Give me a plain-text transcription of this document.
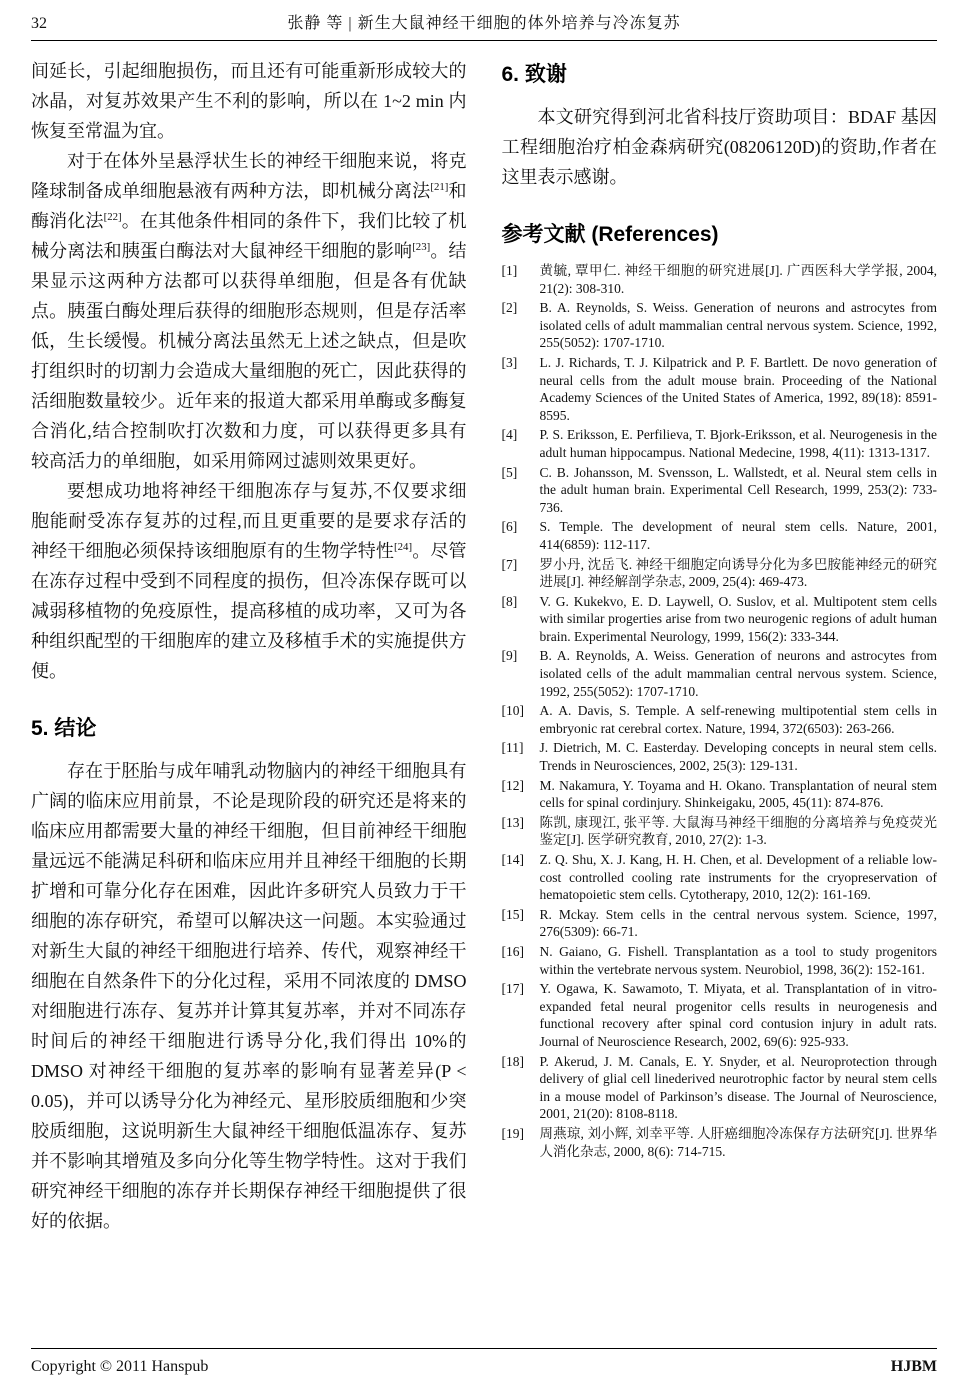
32	张静 等 | 新生大鼠神经干细胞的体外培养与冷冻复苏

间延长，引起细胞损伤，而且还有可能重新形成较大的冰晶，对复苏效果产生不利的影响，所以在 1~2 min 内恢复至常温为宜。

对于在体外呈悬浮状生长的神经干细胞来说，将克隆球制备成单细胞悬液有两种方法，即机械分离法[21]和酶消化法[22]。在其他条件相同的条件下，我们比较了机械分离法和胰蛋白酶法对大鼠神经干细胞的影响[23]。结果显示这两种方法都可以获得单细胞，但是各有优缺点。胰蛋白酶处理后获得的细胞形态规则，但是存活率低，生长缓慢。机械分离法虽然无上述之缺点，但是吹打组织时的切割力会造成大量细胞的死亡，因此获得的活细胞数量较少。近年来的报道大都采用单酶或多酶复合消化,结合控制吹打次数和力度，可以获得更多具有较高活力的单细胞，如采用筛网过滤则效果更好。

要想成功地将神经干细胞冻存与复苏,不仅要求细胞能耐受冻存复苏的过程,而且更重要的是要求存活的神经干细胞必须保持该细胞原有的生物学特性[24]。尽管在冻存过程中受到不同程度的损伤，但冷冻保存既可以减弱移植物的免疫原性，提高移植的成功率，又可为各种组织配型的干细胞库的建立及移植手术的实施提供方便。

5. 结论

存在于胚胎与成年哺乳动物脑内的神经干细胞具有广阔的临床应用前景，不论是现阶段的研究还是将来的临床应用都需要大量的神经干细胞，但目前神经干细胞量远远不能满足科研和临床应用并且神经干细胞的长期扩增和可靠分化存在困难，因此许多研究人员致力于干细胞的冻存研究，希望可以解决这一问题。本实验通过对新生大鼠的神经干细胞进行培养、传代，观察神经干细胞在自然条件下的分化过程，采用不同浓度的 DMSO 对细胞进行冻存、复苏并计算其复苏率，并对不同冻存时间后的神经干细胞进行诱导分化,我们得出 10%的 DMSO 对神经干细胞的复苏率的影响有显著差异(P < 0.05)，并可以诱导分化为神经元、星形胶质细胞和少突胶质细胞，这说明新生大鼠神经干细胞低温冻存、复苏并不影响其增殖及多向分化等生物学特性。这对于我们研究神经干细胞的冻存并长期保存神经干细胞提供了很好的依据。

6. 致谢

本文研究得到河北省科技厅资助项目：BDAF 基因工程细胞治疗柏金森病研究(08206120D)的资助,作者在这里表示感谢。

参考文献 (References)
[1]	黄毓, 覃甲仁. 神经干细胞的研究进展[J]. 广西医科大学学报, 2004, 21(2): 308-310.
[2]	B. A. Reynolds, S. Weiss. Generation of neurons and astrocytes from isolated cells of adult mammalian central nervous system. Science, 1992, 255(5052): 1707-1710.
[3]	L. J. Richards, T. J. Kilpatrick and P. F. Bartlett. De novo generation of neural cells from the adult mouse brain. Proceeding of the National Academy Sciences of the United States of America, 1992, 89(18): 8591-8595.
[4]	P. S. Eriksson, E. Perfilieva, T. Bjork-Eriksson, et al. Neurogenesis in the adult human hippocampus. National Medecine, 1998, 4(11): 1313-1317.
[5]	C. B. Johansson, M. Svensson, L. Wallstedt, et al. Neural stem cells in the adult human brain. Experimental Cell Research, 1999, 253(2): 733-736.
[6]	S. Temple. The development of neural stem cells. Nature, 2001, 414(6859): 112-117.
[7]	罗小丹, 沈岳飞. 神经干细胞定向诱导分化为多巴胺能神经元的研究进展[J]. 神经解剖学杂志, 2009, 25(4): 469-473.
[8]	V. G. Kukekvo, E. D. Laywell, O. Suslov, et al. Multipotent stem cells with similar progerties arise from two neurogenic regions of adult human brain. Experimental Neurology, 1999, 156(2): 333-344.
[9]	B. A. Reynolds, A. Weiss. Generation of neurons and astrocytes from isolated cells of the adult mammalian central nervous system. Science, 1992, 255(5052): 1707-1710.
[10]	A. A. Davis, S. Temple. A self-renewing multipotential stem cells in embryonic rat cerebral cortex. Nature, 1994, 372(6503): 263-266.
[11]	J. Dietrich, M. C. Easterday. Developing concepts in neural stem cells. Trends in Neurosciences, 2002, 25(3): 129-131.
[12]	M. Nakamura, Y. Toyama and H. Okano. Transplantation of neural stem cells for spinal cordinjury. Shinkeigaku, 2005, 45(11): 874-876.
[13]	陈凯, 康现江, 张平等. 大鼠海马神经干细胞的分离培养与免疫荧光鉴定[J]. 医学研究教育, 2010, 27(2): 1-3.
[14]	Z. Q. Shu, X. J. Kang, H. H. Chen, et al. Development of a reliable low-cost controlled cooling rate instruments for the cryopreservation of hematopoietic stem cells. Cytotherapy, 2010, 12(2): 161-169.
[15]	R. Mckay. Stem cells in the central nervous system. Science, 1997, 276(5309): 66-71.
[16]	N. Gaiano, G. Fishell. Transplantation as a tool to study progenitors within the vertebrate nervous system. Neurobiol, 1998, 36(2): 152-161.
[17]	Y. Ogawa, K. Sawamoto, T. Miyata, et al. Transplantation of in vitro-expanded fetal neural progenitor cells results in neurogenesis and functional recovery after spinal cord contusion injury in adult rats. Journal of Neuroscience Research, 2002, 69(6): 925-933.
[18]	P. Akerud, J. M. Canals, E. Y. Snyder, et al. Neuroprotection through delivery of glial cell linederived neurotrophic factor by neural stem cells in a mouse model of Parkinson’s disease. The Journal of Neuroscience, 2001, 21(20): 8108-8118.
[19]	周燕琼, 刘小辉, 刘幸平等. 人肝癌细胞冷冻保存方法研究[J]. 世界华人消化杂志, 2000, 8(6): 714-715.
Copyright © 2011 Hanspub	HJBM
